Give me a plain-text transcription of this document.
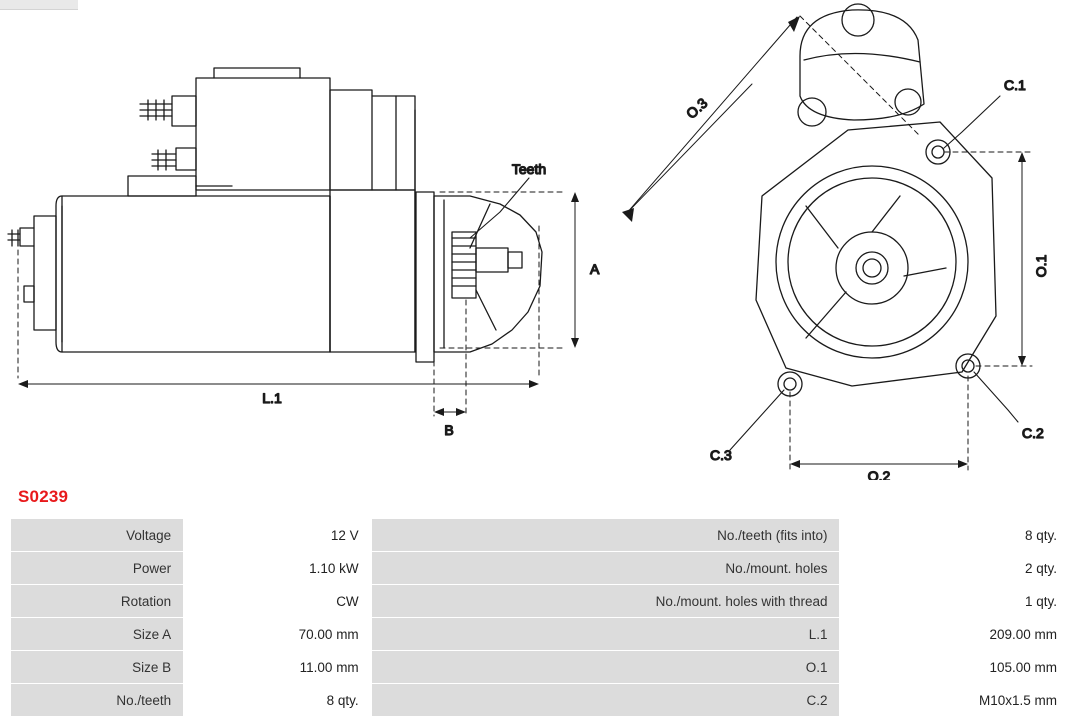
Teeth
A
L.1
B
O.3
O.1
O.2
C.1
C.2
C.3
S0239
Voltage	12 V	No./teeth (fits into)	8 qty.
Power	1.10 kW	No./mount. holes	2 qty.
Rotation	CW	No./mount. holes with thread	1 qty.
Size A	70.00 mm	L.1	209.00 mm
Size B	11.00 mm	O.1	105.00 mm
No./teeth	8 qty.	C.2	M10x1.5 mm
